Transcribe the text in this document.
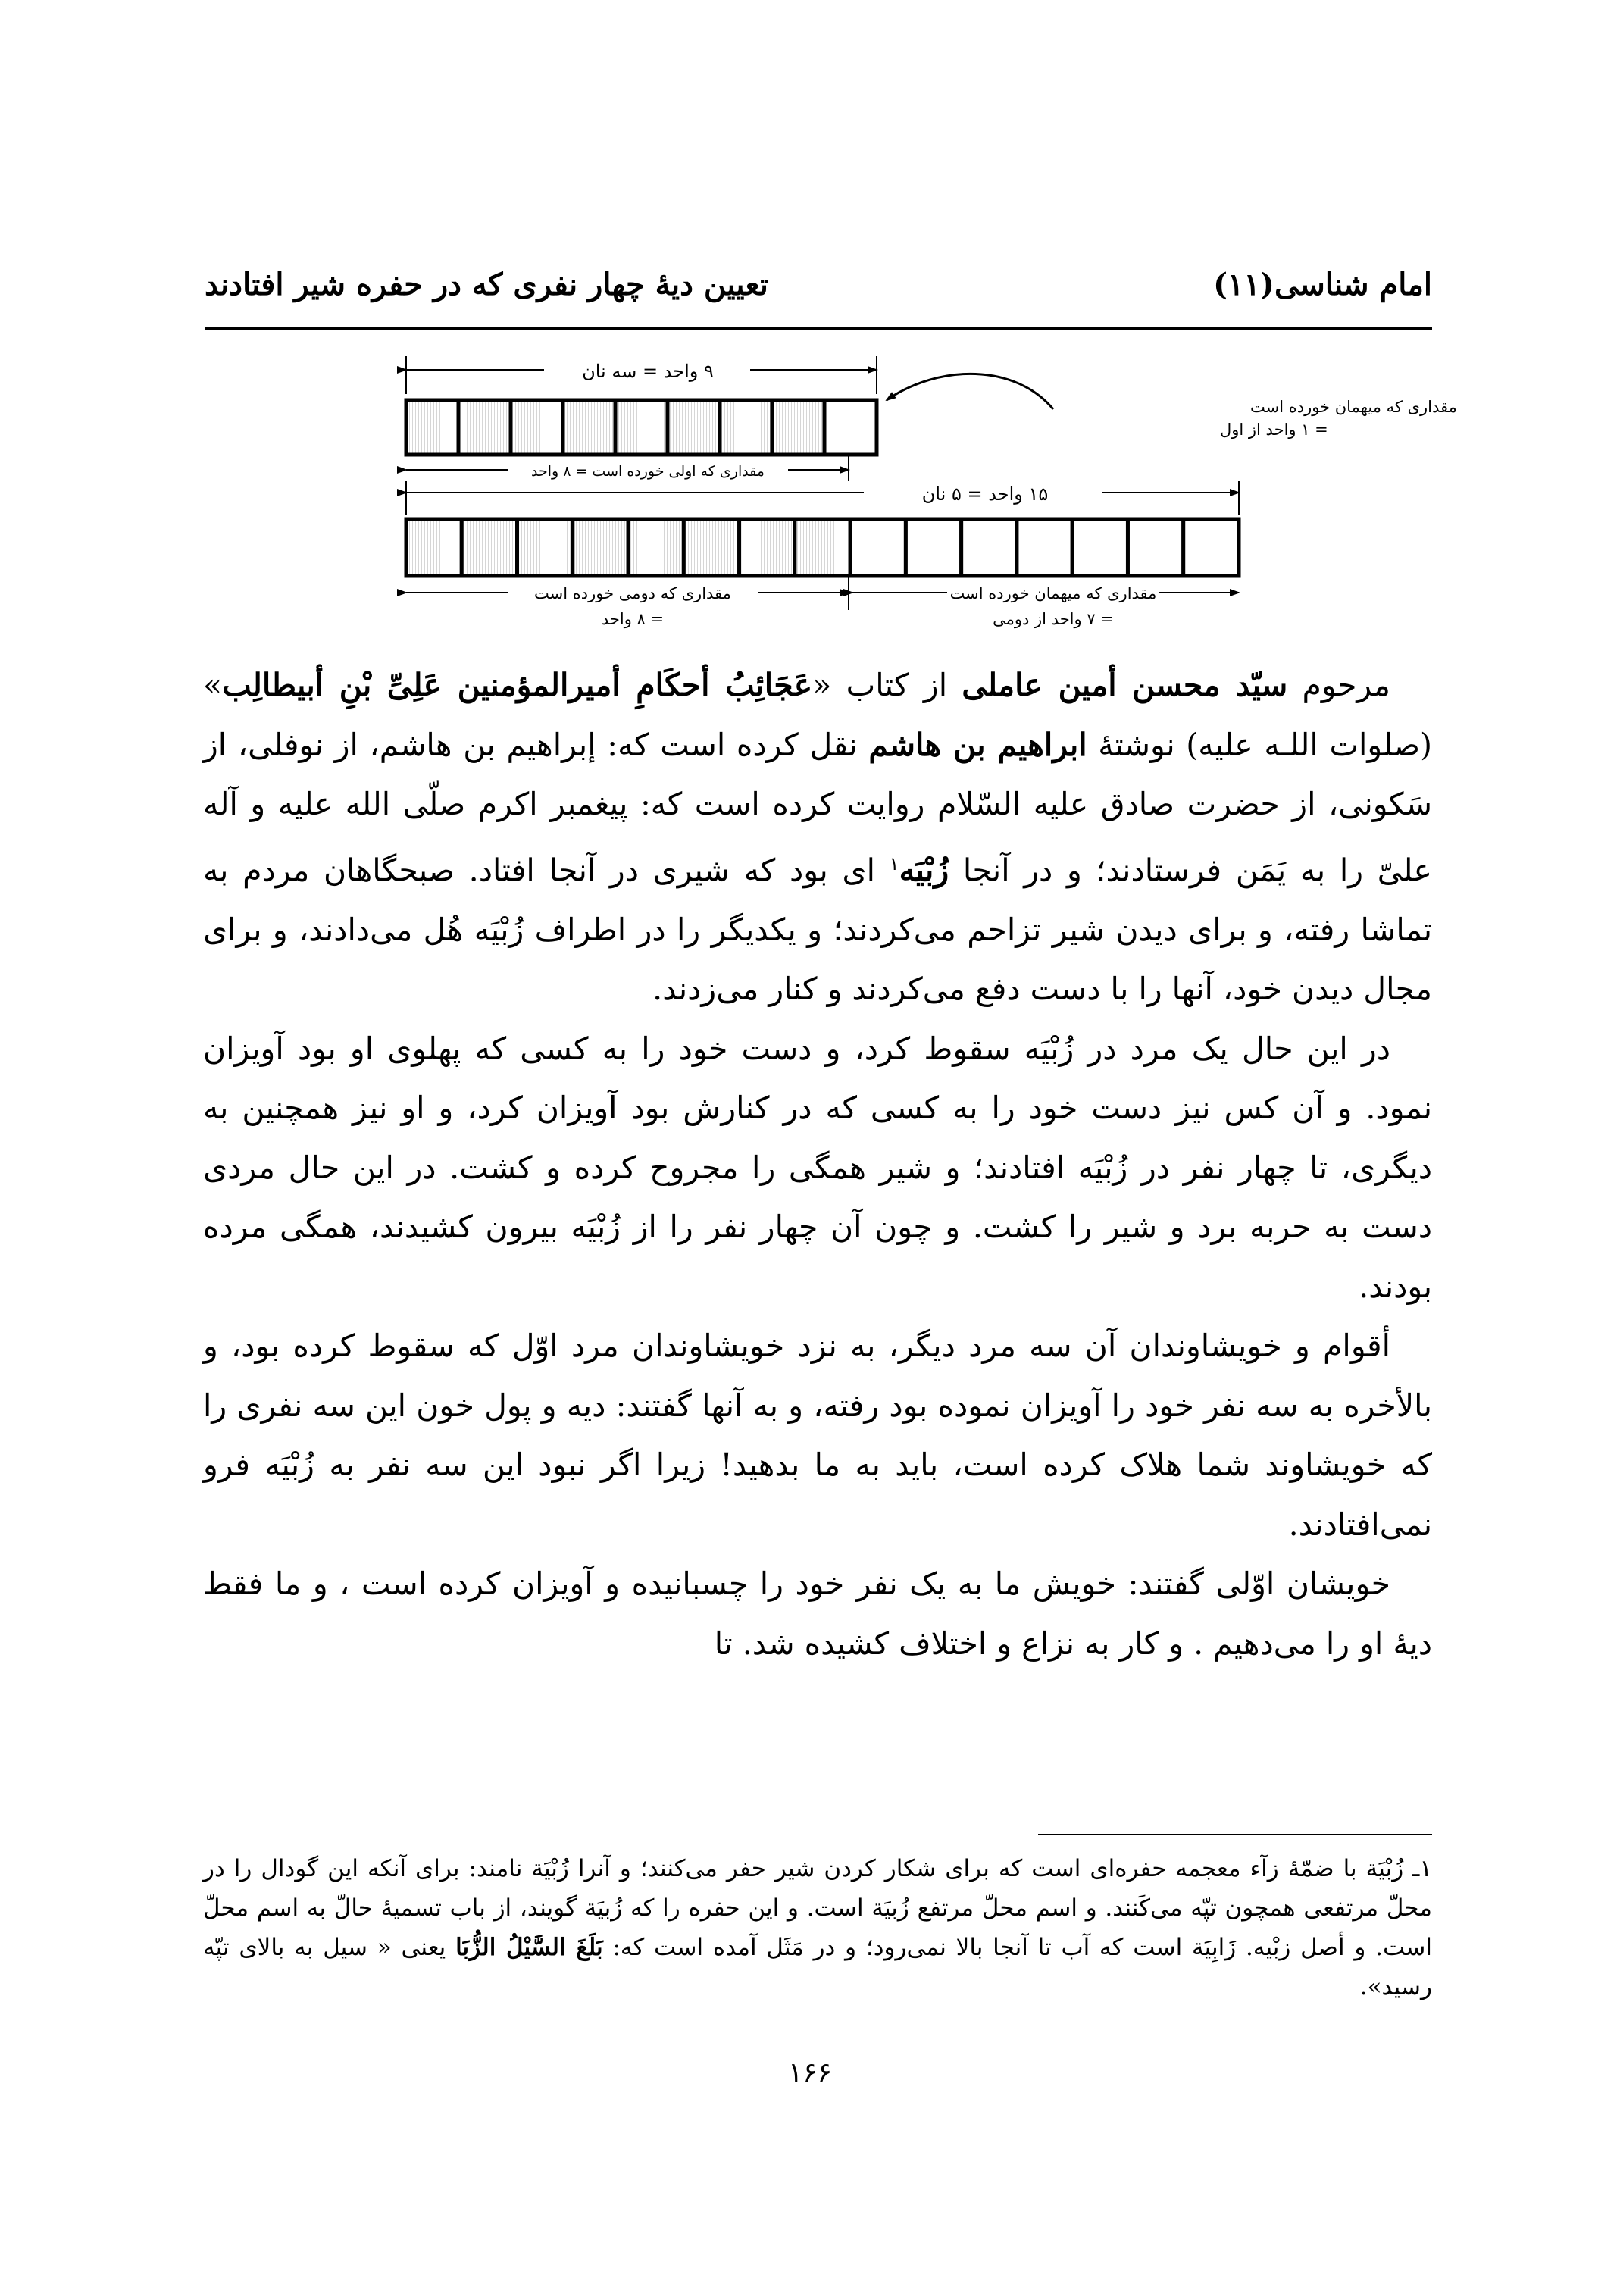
امام شناسی(۱۱)
تعیین دیهٔ چهار نفری که در حفره شیر افتادند
۹ واحد = سه نان
مقداری که میهمان خورده است
= ۱ واحد از اول
مقداری که اولی خورده است = ۸ واحد
۱۵ واحد = ۵ نان
مقداری که دومی خورده است
= ۸ واحد
مقداری که میهمان خورده است
= ۷ واحد از دومی

مرحوم سیّد محسن أمین عاملی از کتاب «عَجَائِبُ أحکَامِ أمیرالمؤمنین عَلِیِّ بْنِ أبیطالِب» (صلوات اللـه علیه) نوشتهٔ ابراهیم بن هاشم نقل کرده است که: إبراهیم بن هاشم، از نوفلی، از سَکونی، از حضرت صادق علیه السّلام روایت کرده است که: پیغمبر اکرم صلّی الله علیه و آله علیّ را به یَمَن فرستادند؛ و در آنجا زُبْیَه$^۱$ ای بود که شیری در آنجا افتاد. صبحگاهان مردم به تماشا رفته، و برای دیدن شیر تزاحم می‌کردند؛ و یکدیگر را در اطراف زُبْیَه هُل می‌دادند، و برای مجال دیدن خود، آنها را با دست دفع می‌کردند و کنار می‌زدند.

در این حال یک مرد در زُبْیَه سقوط کرد، و دست خود را به کسی که پهلوی او بود آویزان نمود. و آن کس نیز دست خود را به کسی که در کنارش بود آویزان کرد، و او نیز همچنین به دیگری، تا چهار نفر در زُبْیَه افتادند؛ و شیر همگی را مجروح کرده و کشت. در این حال مردی دست به حربه برد و شیر را کشت. و چون آن چهار نفر را از زُبْیَه بیرون کشیدند، همگی مرده بودند.

أقوام و خویشاوندان آن سه مرد دیگر، به نزد خویشاوندان مرد اوّل که سقوط کرده بود، و بالأخره به سه نفر خود را آویزان نموده بود رفته، و به آنها گفتند: دیه و پول خون این سه نفری را که خویشاوند شما هلاک کرده است، باید به ما بدهید! زیرا اگر نبود این سه نفر به زُبْیَه فرو نمی‌افتادند.

خویشان اوّلی گفتند: خویش ما به یک نفر خود را چسبانیده و آویزان کرده است ، و ما فقط دیهٔ او را می‌دهیم . و کار به نزاع و اختلاف کشیده شد. تا

۱ـ زُبْیَة با ضمّهٔ زآء معجمه حفره‌ای است که برای شکار کردن شیر حفر می‌کنند؛ و آنرا زُبْیَة نامند: برای آنکه این گودال را در محلّ مرتفعی همچون تپّه می‌کَنند. و اسم محلّ مرتفع زُبیَة است. و این حفره را که زُبیَة گویند، از باب تسمیهٔ حالّ به اسم محلّ است. و أصل زبْیه. زَابِیَة است که آب تا آنجا بالا نمی‌رود؛ و در مَثَل آمده است که: بَلَغَ السَّیْلُ الزُّبَا یعنی « سیل به بالای تپّه رسید».

۱۶۶
